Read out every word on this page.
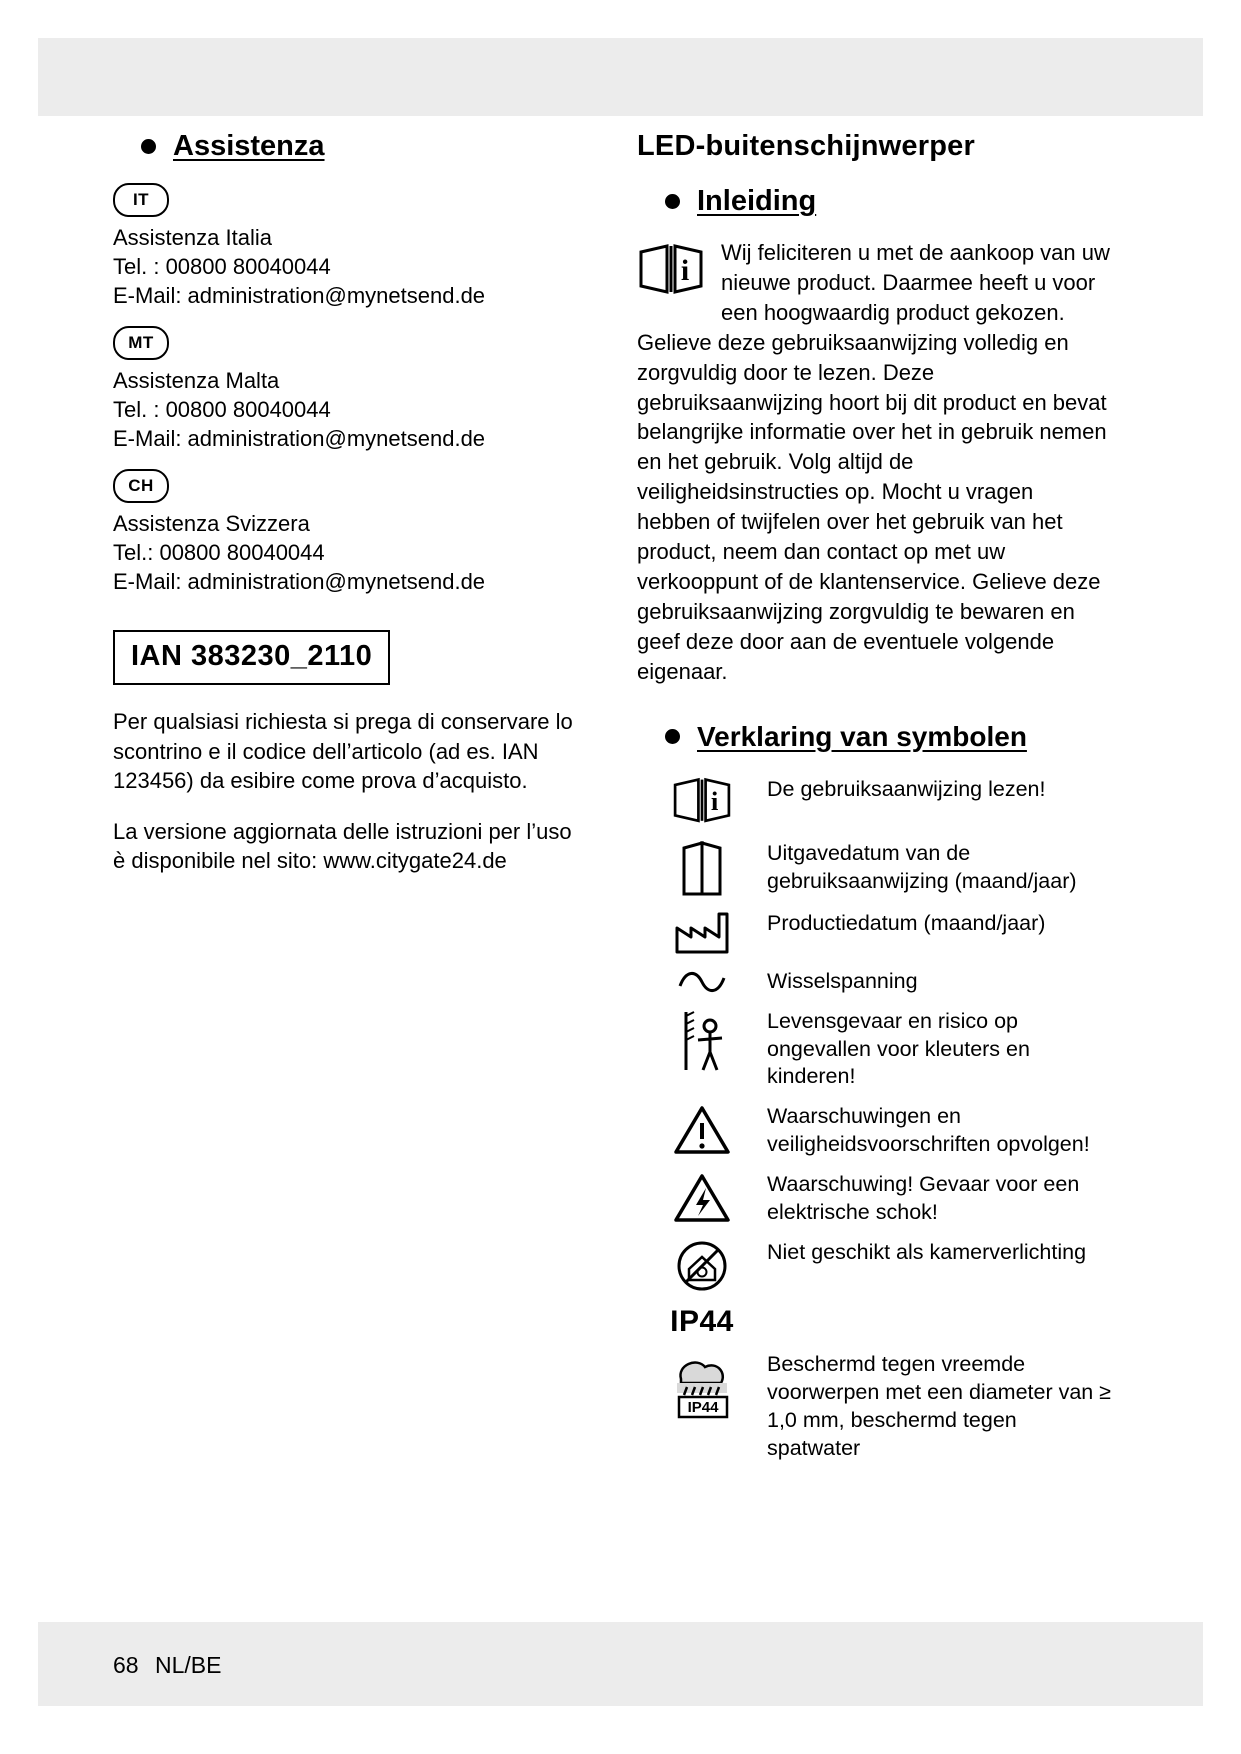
Assistenza
IT
Assistenza Italia
Tel. : 00800 80040044
E-Mail: administration@mynetsend.de
MT
Assistenza Malta
Tel. : 00800 80040044
E-Mail: administration@mynetsend.de
CH
Assistenza Svizzera
Tel.: 00800 80040044
E-Mail: administration@mynetsend.de
IAN 383230_2110

Per qualsiasi richiesta si prega di conservare lo scontrino e il codice dell’articolo (ad es. IAN 123456) da esibire come prova d’acquisto.

La versione aggiornata delle istruzioni per l’uso è disponibile nel sito: www.citygate24.de

LED-buitenschijnwerper
Inleiding
i
Wij feliciteren u met de aankoop van uw nieuwe product. Daarmee heeft u voor een hoogwaardig product gekozen. Gelieve deze gebruiksaanwijzing volledig en zorgvuldig door te lezen. Deze gebruiksaanwijzing hoort bij dit product en bevat belangrijke informatie over het in gebruik nemen en het gebruik. Volg altijd de veiligheidsinstructies op. Mocht u vragen hebben of twijfelen over het gebruik van het product, neem dan contact op met uw verkooppunt of de klantenservice. Gelieve deze gebruiksaanwijzing zorgvuldig te bewaren en geef deze door aan de eventuele volgende eigenaar.
Verklaring van symbolen
i	De gebruiksaanwijzing lezen!

	Uitgavedatum van de gebruiksaanwijzing (maand/jaar)

	Productiedatum (maand/jaar)

	Wisselspanning

	Levensgevaar en risico op ongevallen voor kleuters en kinderen!

	Waarschuwingen en veiligheidsvoorschriften opvolgen!

	Waarschuwing! Gevaar voor een elektrische schok!

	Niet geschikt als kamerverlichting

IP44	

IP44	Beschermd tegen vreemde voorwerpen met een diameter van ≥ 1,0 mm, beschermd tegen spatwater
68 NL/BE
